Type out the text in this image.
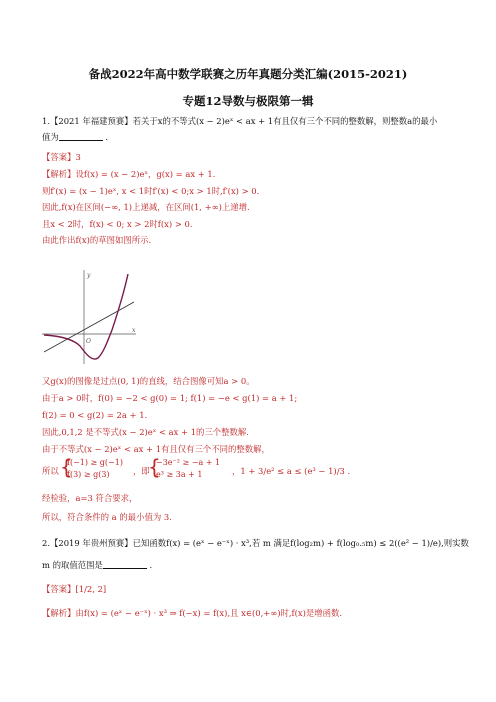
备战2022年高中数学联赛之历年真题分类汇编(2015-2021)
专题12导数与极限第一辑
1.【2021 年福建预赛】若关于x的不等式(x − 2)eˣ < ax + 1有且仅有三个不同的整数解，则整数a的最小
值为	.
【答案】3
【解析】设f(x) = (x − 2)eˣ，g(x) = ax + 1.
则f′(x) = (x − 1)eˣ, x < 1时f′(x) < 0;x > 1时,f′(x) > 0.
因此,f(x)在区间(−∞, 1)上递减，在区间(1, +∞)上递增.
且x < 2时，f(x) < 0; x > 2时f(x) > 0.
由此作出f(x)的草图如图所示.
y
x
O
又g(x)的图像是过点(0, 1)的直线，结合图像可知a > 0。
由于a > 0时，f(0) = −2 < g(0) = 1; f(1) = −e < g(1) = a + 1;
f(2) = 0 < g(2) = 2a + 1.
因此,0,1,2 是不等式(x − 2)eˣ < ax + 1的三个整数解.
由于不等式(x − 2)eˣ < ax + 1有且仅有三个不同的整数解，
所以 {
f(−1) ≥ g(−1)
f(3) ≥ g(3)	，即
{
−3e⁻² ≥ −a + 1
e³ ≥ 3a + 1	，1 + 3/e² ≤ a ≤ (e³ − 1)/3 .
经检验，a=3 符合要求，
所以，符合条件的 a 的最小值为 3.
2.【2019 年贵州预赛】已知函数f(x) = (eˣ − e⁻ˣ) · x³,若 m 满足f(log₂m) + f(log₀.₅m) ≤ 2((e² − 1)/e),则实数
m 的取值范围是	.
【答案】[1/2, 2]
【解析】由f(x) = (eˣ − e⁻ˣ) · x³ ⇒ f(−x) = f(x),且 x∈(0,+∞)时,f(x)是增函数.
